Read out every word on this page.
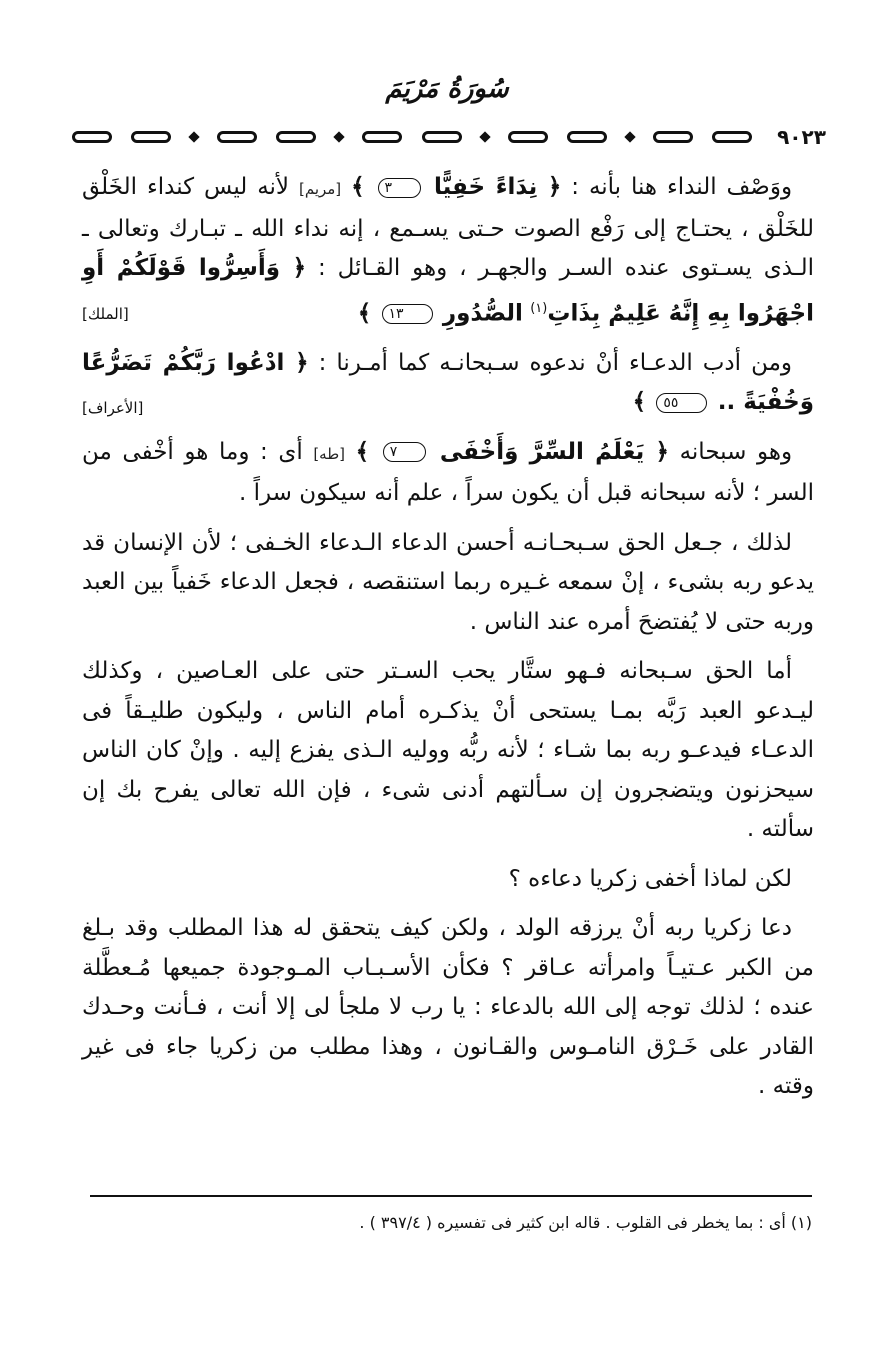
سُورَةُ مَرْيَمَ
٩٠٢٣

ووَصْف النداء هنا بأنه : ﴿ نِدَاءً خَفِيًّا ٣ ﴾ [مريم] لأنه ليس كنداء الخَلْق للخَلْق ، يحتـاج إلى رَفْع الصوت حـتى يسـمع ، إنه نداء الله ـ تبـارك وتعالى ـ الـذى يسـتوى عنده السـر والجهـر ، وهو القـائل : ﴿ وَأَسِرُّوا قَوْلَكُمْ أَوِ اجْهَرُوا بِهِ إِنَّهُ عَلِيمٌ بِذَاتِ$^{(١)}$ الصُّدُورِ ١٣ ﴾
[الملك]

ومن أدب الدعـاء أنْ ندعوه سـبحانـه كما أمـرنا : ﴿ ادْعُوا رَبَّكُمْ تَضَرُّعًا وَخُفْيَةً .. ٥٥ ﴾
[الأعراف]

وهو سبحانه ﴿ يَعْلَمُ السِّرَّ وَأَخْفَى ٧ ﴾ [طه] أى : وما هو أخْفى من السر ؛ لأنه سبحانه قبل أن يكون سراً ، علم أنه سيكون سراً .

لذلك ، جـعل الحق سـبحـانـه أحسن الدعاء الـدعاء الخـفى ؛ لأن الإنسان قد يدعو ربه بشىء ، إنْ سمعه غـيره ربما استنقصه ، فجعل الدعاء خَفياً بين العبد وربه حتى لا يُفتضحَ أمره عند الناس .

أما الحق سـبحانه فـهو ستَّار يحب السـتر حتى على العـاصين ، وكذلك ليـدعو العبد رَبَّه بمـا يستحى أنْ يذكـره أمام الناس ، وليكون طليـقاً فى الدعـاء فيدعـو ربه بما شـاء ؛ لأنه ربُّه ووليه الـذى يفزع إليه . وإنْ كان الناس سيحزنون ويتضجرون إن سـألتهم أدنى شىء ، فإن الله تعالى يفرح بك إن سألته .

لكن لماذا أخفى زكريا دعاءه ؟

دعا زكريا ربه أنْ يرزقه الولد ، ولكن كيف يتحقق له هذا المطلب وقد بـلغ من الكبر عـتيـاً وامرأته عـاقر ؟ فكأن الأسـبـاب المـوجودة جميعها مُـعطَّلة عنده ؛ لذلك توجه إلى الله بالدعاء : يا رب لا ملجأ لى إلا أنت ، فـأنت وحـدك القادر على خَـرْق النامـوس والقـانون ، وهذا مطلب من زكريا جاء فى غير وقته .

(١) أى : بما يخطر فى القلوب . قاله ابن كثير فى تفسيره ( ٣٩٧/٤ ) .
